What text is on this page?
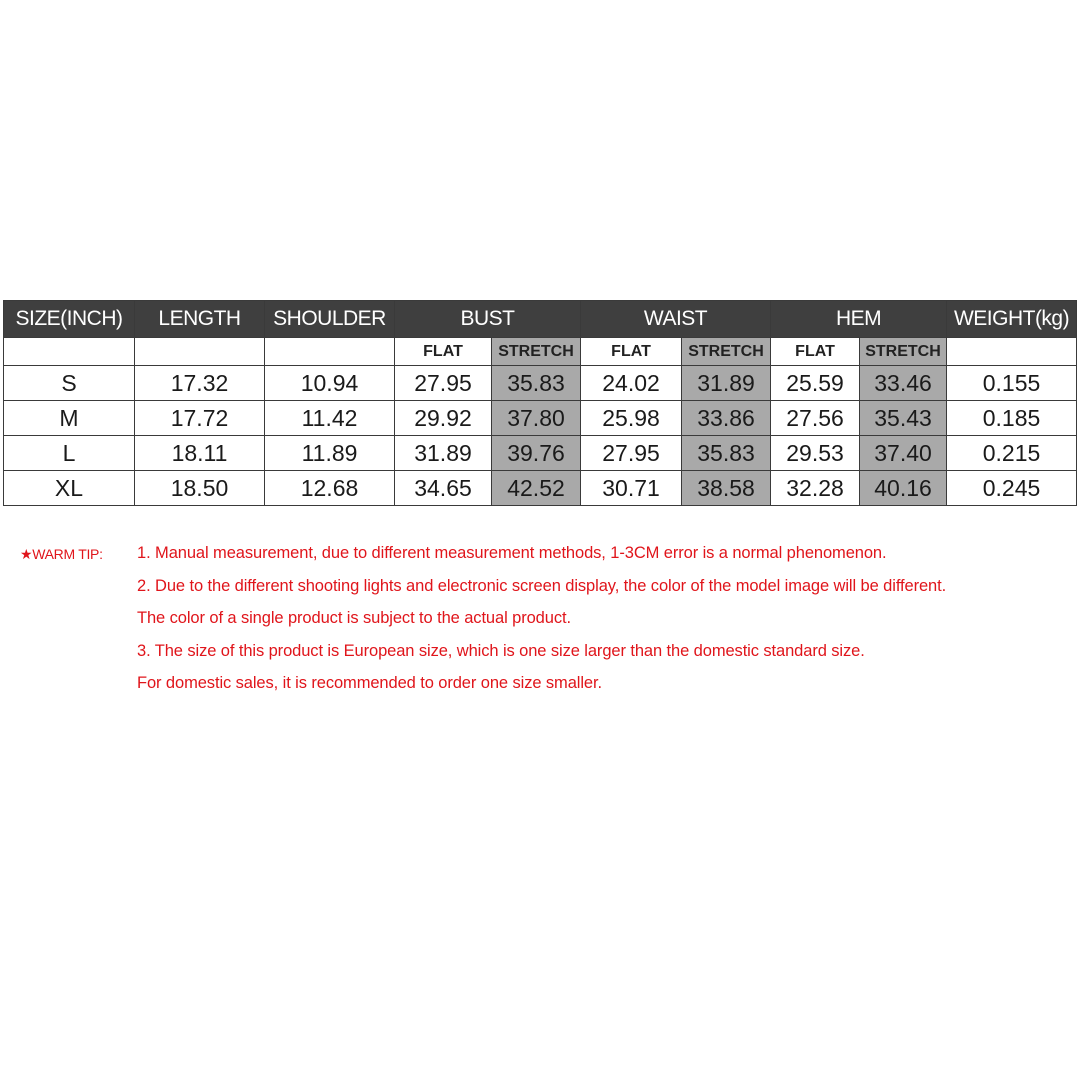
SIZE(INCH)	LENGTH	SHOULDER	BUST		WAIST		HEM		WEIGHT(kg)
			FLAT	STRETCH	FLAT	STRETCH	FLAT	STRETCH	
S	17.32	10.94	27.95	35.83	24.02	31.89	25.59	33.46	0.155
M	17.72	11.42	29.92	37.80	25.98	33.86	27.56	35.43	0.185
L	18.11	11.89	31.89	39.76	27.95	35.83	29.53	37.40	0.215
XL	18.50	12.68	34.65	42.52	30.71	38.58	32.28	40.16	0.245
★WARM TIP: 1. Manual measurement, due to different measurement methods, 1-3CM error is a normal phenomenon.
2. Due to the different shooting lights and electronic screen display, the color of the model image will be different.
The color of a single product is subject to the actual product.
3. The size of this product is European size, which is one size larger than the domestic standard size.
For domestic sales, it is recommended to order one size smaller.
